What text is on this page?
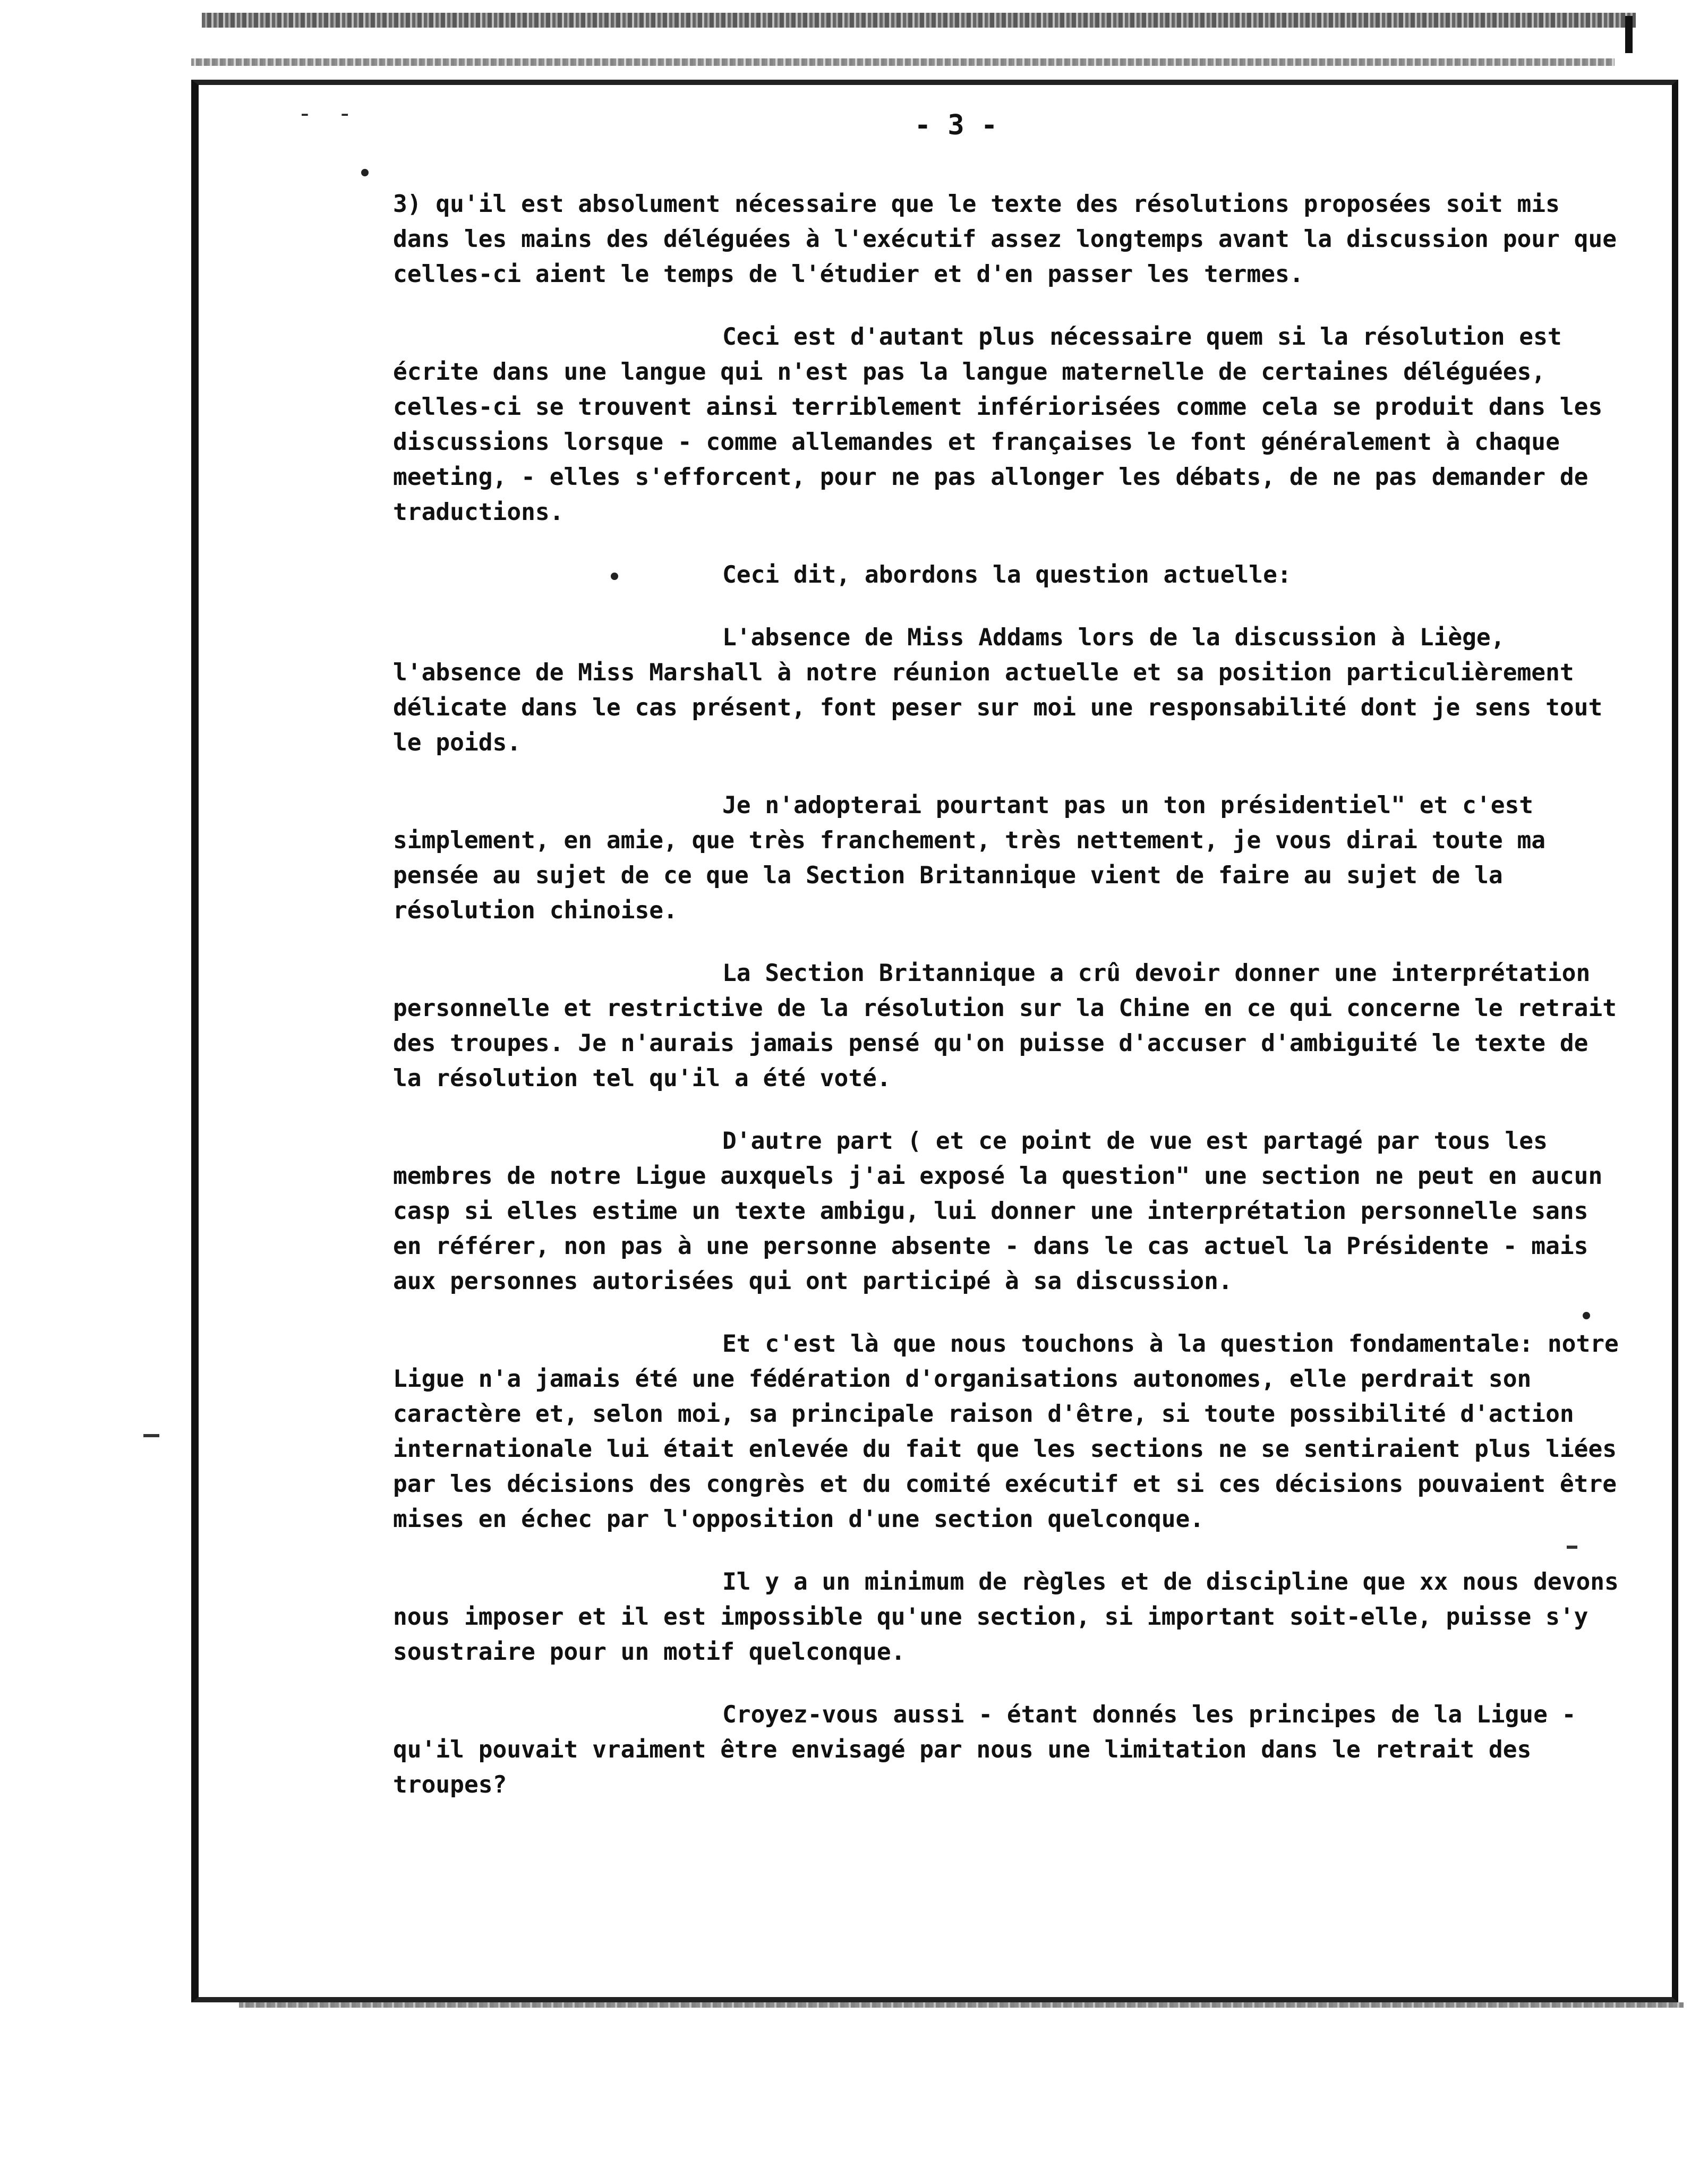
- -	- 3 -

3) qu'il est absolument nécessaire que le texte des résolutions proposées soit mis dans les mains des déléguées à l'exécutif assez longtemps avant la discussion pour que celles-ci aient le temps de l'étudier et d'en passer les termes.

Ceci est d'autant plus nécessaire quem si la résolution est écrite dans une langue qui n'est pas la langue maternelle de certaines déléguées, celles-ci se trouvent ainsi terriblement infériorisées comme cela se produit dans les discussions lorsque - comme allemandes et françaises le font généralement à chaque meeting, - elles s'efforcent, pour ne pas allonger les débats, de ne pas demander de traductions.

Ceci dit, abordons la question actuelle:

L'absence de Miss Addams lors de la discussion à Liège, l'absence de Miss Marshall à notre réunion actuelle et sa position particulièrement délicate dans le cas présent, font peser sur moi une responsabilité dont je sens tout le poids.

Je n'adopterai pourtant pas un ton présidentiel" et c'est simplement, en amie, que très franchement, très nettement, je vous dirai toute ma pensée au sujet de ce que la Section Britannique vient de faire au sujet de la résolution chinoise.

La Section Britannique a crû devoir donner une interprétation personnelle et restrictive de la résolution sur la Chine en ce qui concerne le retrait des troupes. Je n'aurais jamais pensé qu'on puisse d'accuser d'ambiguité le texte de la résolution tel qu'il a été voté.

D'autre part ( et ce point de vue est partagé par tous les membres de notre Ligue auxquels j'ai exposé la question" une section ne peut en aucun casp si elles estime un texte ambigu, lui donner une interprétation personnelle sans en référer, non pas à une personne absente - dans le cas actuel la Présidente - mais aux personnes autorisées qui ont participé à sa discussion.

Et c'est là que nous touchons à la question fondamentale: notre Ligue n'a jamais été une fédération d'organisations autonomes, elle perdrait son caractère et, selon moi, sa principale raison d'être, si toute possibilité d'action internationale lui était enlevée du fait que les sections ne se sentiraient plus liées par les décisions des congrès et du comité exécutif et si ces décisions pouvaient être mises en échec par l'opposition d'une section quelconque.

Il y a un minimum de règles et de discipline que xx nous devons nous imposer et il est impossible qu'une section, si important soit-elle, puisse s'y soustraire pour un motif quelconque.

Croyez-vous aussi - étant donnés les principes de la Ligue - qu'il pouvait vraiment être envisagé par nous une limitation dans le retrait des troupes?
